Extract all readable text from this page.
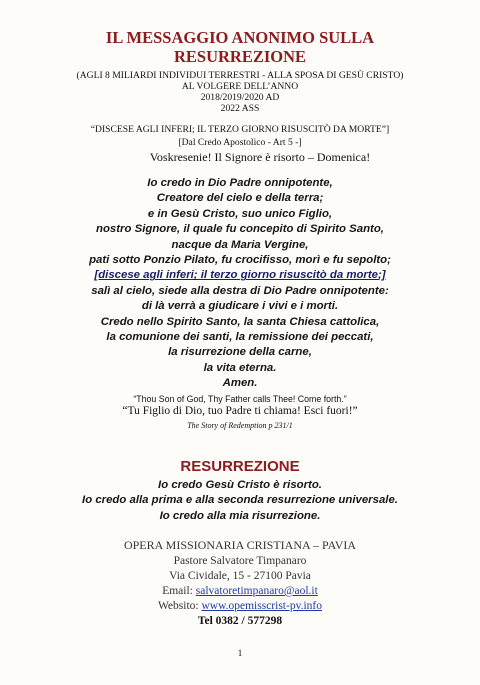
IL MESSAGGIO ANONIMO SULLA
RESURREZIONE
(AGLI 8 MILIARDI INDIVIDUI TERRESTRI - ALLA SPOSA DI GESÙ CRISTO)
AL VOLGERE DELL’ANNO
2018/2019/2020 AD
2022 ASS
“DISCESE AGLI INFERI; IL TERZO GIORNO RISUSCITÒ DA MORTE”]
[Dal Credo Apostolico - Art 5 -]
Voskresenie! Il Signore è risorto – Domenica!
Io credo in Dio Padre onnipotente,
Creatore del cielo e della terra;
e in Gesù Cristo, suo unico Figlio,
nostro Signore, il quale fu concepito di Spirito Santo,
nacque da Maria Vergine,
pati sotto Ponzio Pilato, fu crocifisso, morì e fu sepolto;
[discese agli inferi; il terzo giorno risuscitò da morte;]
salì al cielo, siede alla destra di Dio Padre onnipotente:
di là verrà a giudicare i vivi e i morti.
Credo nello Spirito Santo, la santa Chiesa cattolica,
la comunione dei santi, la remissione dei peccati,
la risurrezione della carne,
la vita eterna.
Amen.
“Thou Son of God, Thy Father calls Thee! Come forth.”
“Tu Figlio di Dio, tuo Padre ti chiama! Esci fuori!”
The Story of Redemption p 231/1
RESURREZIONE
Io credo Gesù Cristo è risorto.
Io credo alla prima e alla seconda resurrezione universale.
Io credo alla mia risurrezione.
OPERA MISSIONARIA CRISTIANA – PAVIA
Pastore Salvatore Timpanaro
Via Cividale, 15 - 27100 Pavia
Email: salvatoretimpanaro@aol.it
Websito: www.opemisscrist-pv.info
Tel 0382 / 577298
1
